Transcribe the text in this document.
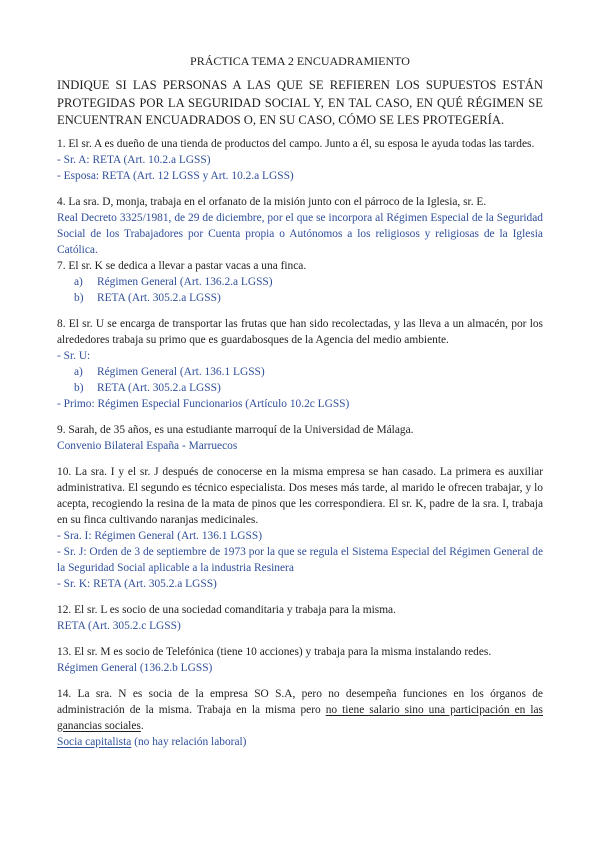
PRÁCTICA TEMA 2 ENCUADRAMIENTO

INDIQUE SI LAS PERSONAS A LAS QUE SE REFIEREN LOS SUPUESTOS ESTÁN PROTEGIDAS POR LA SEGURIDAD SOCIAL Y, EN TAL CASO, EN QUÉ RÉGIMEN SE ENCUENTRAN ENCUADRADOS O, EN SU CASO, CÓMO SE LES PROTEGERÍA.

1. El sr. A es dueño de una tienda de productos del campo. Junto a él, su esposa le ayuda todas las tardes.

- Sr. A: RETA (Art. 10.2.a LGSS)

- Esposa: RETA (Art. 12 LGSS y Art. 10.2.a LGSS)

4. La sra. D, monja, trabaja en el orfanato de la misión junto con el párroco de la Iglesia, sr. E.

Real Decreto 3325/1981, de 29 de diciembre, por el que se incorpora al Régimen Especial de la Seguridad Social de los Trabajadores por Cuenta propia o Autónomos a los religiosos y religiosas de la Iglesia Católica.

7. El sr. K se dedica a llevar a pastar vacas a una finca.

a)	Régimen General (Art. 136.2.a LGSS)
b)	RETA (Art. 305.2.a LGSS)

8. El sr. U se encarga de transportar las frutas que han sido recolectadas, y las lleva a un almacén, por los alrededores trabaja su primo que es guardabosques de la Agencia del medio ambiente.

- Sr. U:

a)	Régimen General (Art. 136.1 LGSS)
b)	RETA (Art. 305.2.a LGSS)

- Primo: Régimen Especial Funcionarios (Artículo 10.2c LGSS)

9. Sarah, de 35 años, es una estudiante marroquí de la Universidad de Málaga.

Convenio Bilateral España - Marruecos

10. La sra. I y el sr. J después de conocerse en la misma empresa se han casado. La primera es auxiliar administrativa. El segundo es técnico especialista. Dos meses más tarde, al marido le ofrecen trabajar, y lo acepta, recogiendo la resina de la mata de pinos que les correspondiera. El sr. K, padre de la sra. I, trabaja en su finca cultivando naranjas medicinales.

- Sra. I: Régimen General (Art. 136.1 LGSS)

- Sr. J: Orden de 3 de septiembre de 1973 por la que se regula el Sistema Especial del Régimen General de la Seguridad Social aplicable a la industria Resinera

- Sr. K: RETA (Art. 305.2.a LGSS)

12. El sr. L es socio de una sociedad comanditaria y trabaja para la misma.

RETA (Art. 305.2.c LGSS)

13. El sr. M es socio de Telefónica (tiene 10 acciones) y trabaja para la misma instalando redes.

Régimen General (136.2.b LGSS)

14. La sra. N es socia de la empresa SO S.A, pero no desempeña funciones en los órganos de administración de la misma. Trabaja en la misma pero no tiene salario sino una participación en las ganancias sociales.

Socia capitalista (no hay relación laboral)
